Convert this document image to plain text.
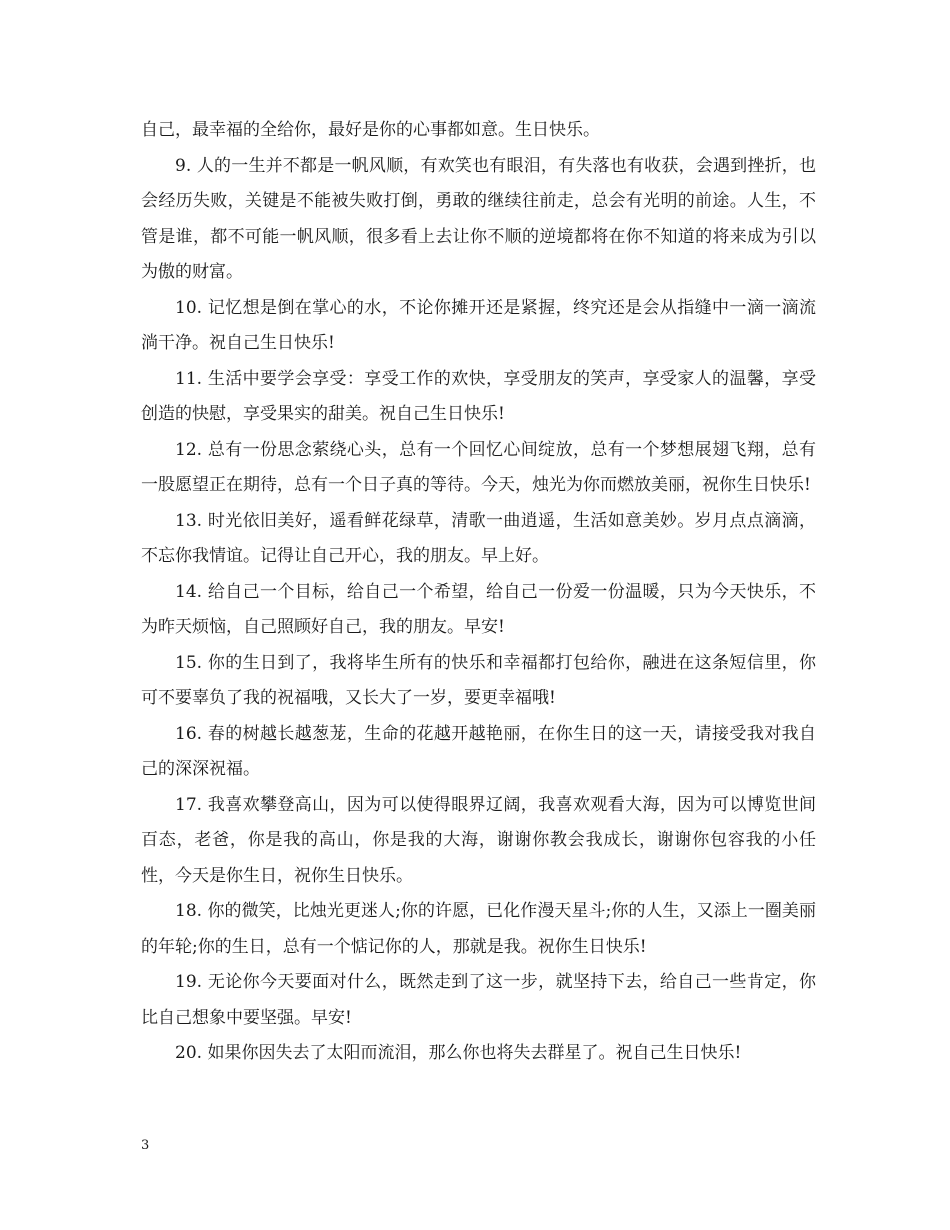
自己，最幸福的全给你，最好是你的心事都如意。生日快乐。

9. 人的一生并不都是一帆风顺，有欢笑也有眼泪，有失落也有收获，会遇到挫折，也会经历失败，关键是不能被失败打倒，勇敢的继续往前走，总会有光明的前途。人生，不管是谁，都不可能一帆风顺，很多看上去让你不顺的逆境都将在你不知道的将来成为引以为傲的财富。

10. 记忆想是倒在掌心的水，不论你摊开还是紧握，终究还是会从指缝中一滴一滴流淌干净。祝自己生日快乐!

11. 生活中要学会享受：享受工作的欢快，享受朋友的笑声，享受家人的温馨，享受创造的快慰，享受果实的甜美。祝自己生日快乐!

12. 总有一份思念萦绕心头，总有一个回忆心间绽放，总有一个梦想展翅飞翔，总有一股愿望正在期待，总有一个日子真的等待。今天，烛光为你而燃放美丽，祝你生日快乐!

13. 时光依旧美好，遥看鲜花绿草，清歌一曲逍遥，生活如意美妙。岁月点点滴滴，不忘你我情谊。记得让自己开心，我的朋友。早上好。

14. 给自己一个目标，给自己一个希望，给自己一份爱一份温暖，只为今天快乐，不为昨天烦恼，自己照顾好自己，我的朋友。早安!

15. 你的生日到了，我将毕生所有的快乐和幸福都打包给你，融进在这条短信里，你可不要辜负了我的祝福哦，又长大了一岁，要更幸福哦!

16. 春的树越长越葱茏，生命的花越开越艳丽，在你生日的这一天，请接受我对我自己的深深祝福。

17. 我喜欢攀登高山，因为可以使得眼界辽阔，我喜欢观看大海，因为可以博览世间百态，老爸，你是我的高山，你是我的大海，谢谢你教会我成长，谢谢你包容我的小任性，今天是你生日，祝你生日快乐。

18. 你的微笑，比烛光更迷人;你的许愿，已化作漫天星斗;你的人生，又添上一圈美丽的年轮;你的生日，总有一个惦记你的人，那就是我。祝你生日快乐!

19. 无论你今天要面对什么，既然走到了这一步，就坚持下去，给自己一些肯定，你比自己想象中要坚强。早安!

20. 如果你因失去了太阳而流泪，那么你也将失去群星了。祝自己生日快乐!

3
